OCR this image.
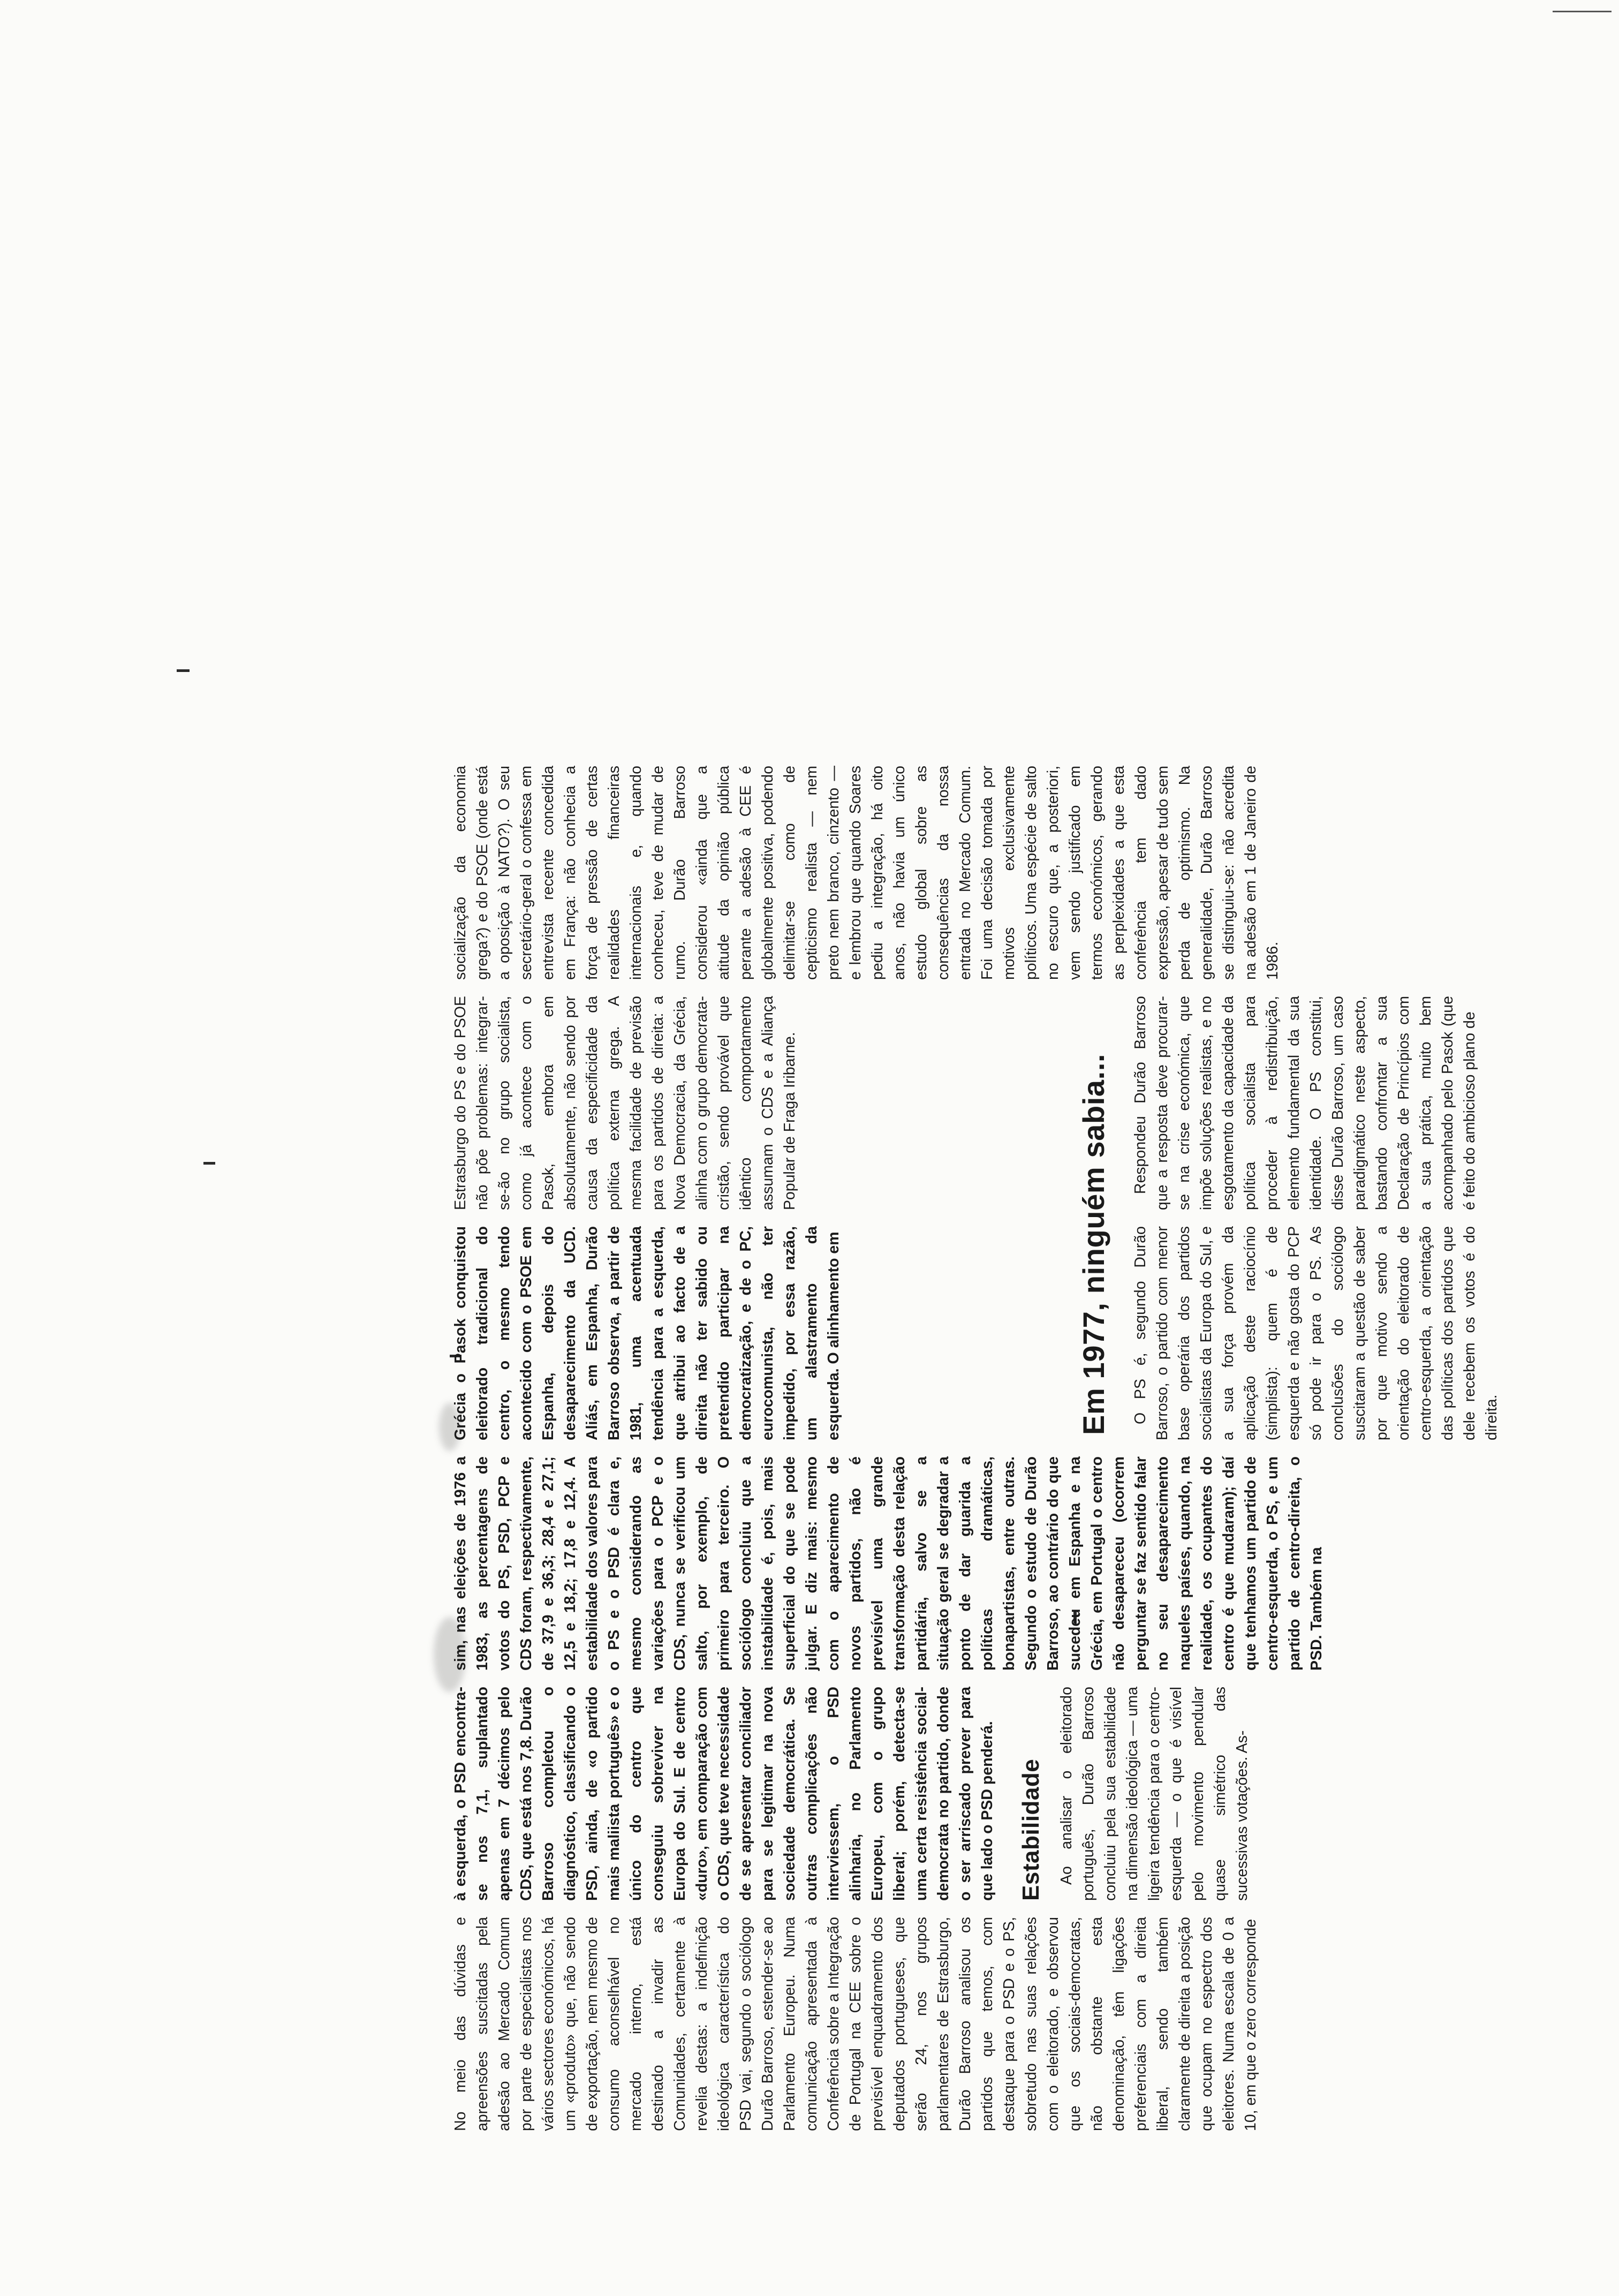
No meio das dúvidas e apreensões suscitadas pela adesão ao Mercado Comum por parte de especialistas nos vários sectores económicos, há um «produto» que, não sendo de exportação, nem mesmo de consumo aconselhável no mercado interno, está destinado a invadir as Comunidades, certamente à revelia destas: a indefinição ideológica característica do PSD vai, segundo o sociólogo Durão Barroso, estender-se ao Parlamento Europeu. Numa comunicação apresentada à Conferência sobre a Integração de Portugal na CEE sobre o previsível enquadramento dos deputados portugueses, que serão 24, nos grupos parlamentares de Estrasburgo, Durão Barroso analisou os partidos que temos, com destaque para o PSD e o PS, sobretudo nas suas relações com o eleitorado, e observou que os sociais-democratas, não obstante esta denominação, têm ligações preferenciais com a direita liberal, sendo também claramente de direita a posição que ocupam no espectro dos eleitores. Numa escala de 0 a 10, em que o zero corresponde

à esquerda, o PSD encontra-se nos 7,1, suplantado apenas em 7 décimos pelo CDS, que está nos 7,8. Durão Barroso completou o diagnóstico, classificando o PSD, ainda, de «o partido mais maliista português» e o único do centro que conseguiu sobreviver na Europa do Sul. E de centro «duro», em comparação com o CDS, que teve necessidade de se apresentar conciliador para se legitimar na nova sociedade democrática. Se outras complicações não interviessem, o PSD alinharia, no Parlamento Europeu, com o grupo liberal; porém, detecta-se uma certa resistência social-democrata no partido, donde o ser arriscado prever para que lado o PSD penderá. Estabilidade Ao analisar o eleitorado português, Durão Barroso concluiu pela sua estabilidade na dimensão ideológica — uma ligeira tendência para o centro-esquerda — o que é visível pelo movimento pendular quase simétrico das sucessivas votações. As-

sim, nas eleições de 1976 a 1983, as percentagens de votos do PS, PSD, PCP e CDS foram, respectivamente, de 37,9 e 36,3; 28,4 e 27,1; 12,5 e 18,2; 17,8 e 12,4. A estabilidade dos valores para o PS e o PSD é clara e, mesmo considerando as variações para o PCP e o CDS, nunca se verificou um salto, por exemplo, de primeiro para terceiro. O sociólogo concluiu que a instabilidade é, pois, mais superficial do que se pode julgar. E diz mais: mesmo com o aparecimento de novos partidos, não é previsível uma grande transformação desta relação partidária, salvo se a situação geral se degradar a ponto de dar guarida a políticas dramáticas, bonapartistas, entre outras. Segundo o estudo de Durão Barroso, ao contrário do que sucedeu em Espanha e na Grécia, em Portugal o centro não desapareceu (ocorrem perguntar se faz sentido falar no seu desaparecimento naqueles países, quando, na realidade, os ocupantes do centro é que mudaram); daí que tenhamos um partido de centro-esquerda, o PS, e um partido de centro-direita, o PSD. Também na

Grécia o Pasok conquistou eleitorado tradicional do centro, o mesmo tendo acontecido com o PSOE em Espanha, depois do desaparecimento da UCD. Aliás, em Espanha, Durão Barroso observa, a partir de 1981, uma acentuada tendência para a esquerda, que atribui ao facto de a direita não ter sabido ou pretendido participar na democratização, e de o PC, eurocomunista, não ter impedido, por essa razão, um alastramento da esquerda. O alinhamento em

Estrasburgo do PS e do PSOE não põe problemas: integrar-se-ão no grupo socialista, como já acontece com o Pasok, embora em absolutamente, não sendo por causa da especificidade da política externa grega. A mesma facilidade de previsão para os partidos de direita: a Nova Democracia, da Grécia, alinha com o grupo democrata-cristão, sendo provável que idêntico comportamento assumam o CDS e a Aliança Popular de Fraga Iribarne.

socialização da economia grega?) e do PSOE (onde está a oposição à NATO?). O seu secretário-geral o confessa em entrevista recente concedida em França: não conhecia a força de pressão de certas realidades financeiras internacionais e, quando conheceu, teve de mudar de rumo. Durão Barroso considerou «ainda que a atitude da opinião pública perante a adesão à CEE é globalmente positiva, podendo delimitar-se como de cepticismo realista — nem preto nem branco, cinzento — e lembrou que quando Soares pediu a integração, há oito anos, não havia um único estudo global sobre as consequências da nossa entrada no Mercado Comum. Foi uma decisão tomada por motivos exclusivamente políticos. Uma espécie de salto no escuro que, a posteriori, vem sendo justificado em termos económicos, gerando as perplexidades a que esta conferência tem dado expressão, apesar de tudo sem perda de optimismo. Na generalidade, Durão Barroso se distinguiu-se: não acredita na adesão em 1 de Janeiro de 1986.

Em 1977, ninguém sabia... O PS é, segundo Durão Barroso, o partido com menor base operária dos partidos socialistas da Europa do Sul, e a sua força provém da aplicação deste raciocínio (simplista): quem é de esquerda e não gosta do PCP só pode ir para o PS. As conclusões do sociólogo suscitaram a questão de saber por que motivo sendo a orientação do eleitorado de centro-esquerda, a orientação das políticas dos partidos que dele recebem os votos é do direita.

Respondeu Durão Barroso que a resposta deve procurar-se na crise económica, que impõe soluções realistas, e no esgotamento da capacidade da política socialista para proceder à redistribuição, elemento fundamental da sua identidade. O PS constitui, disse Durão Barroso, um caso paradigmático neste aspecto, bastando confrontar a sua Declaração de Princípios com a sua prática, muito bem acompanhado pelo Pasok (que é feito do ambicioso plano de
